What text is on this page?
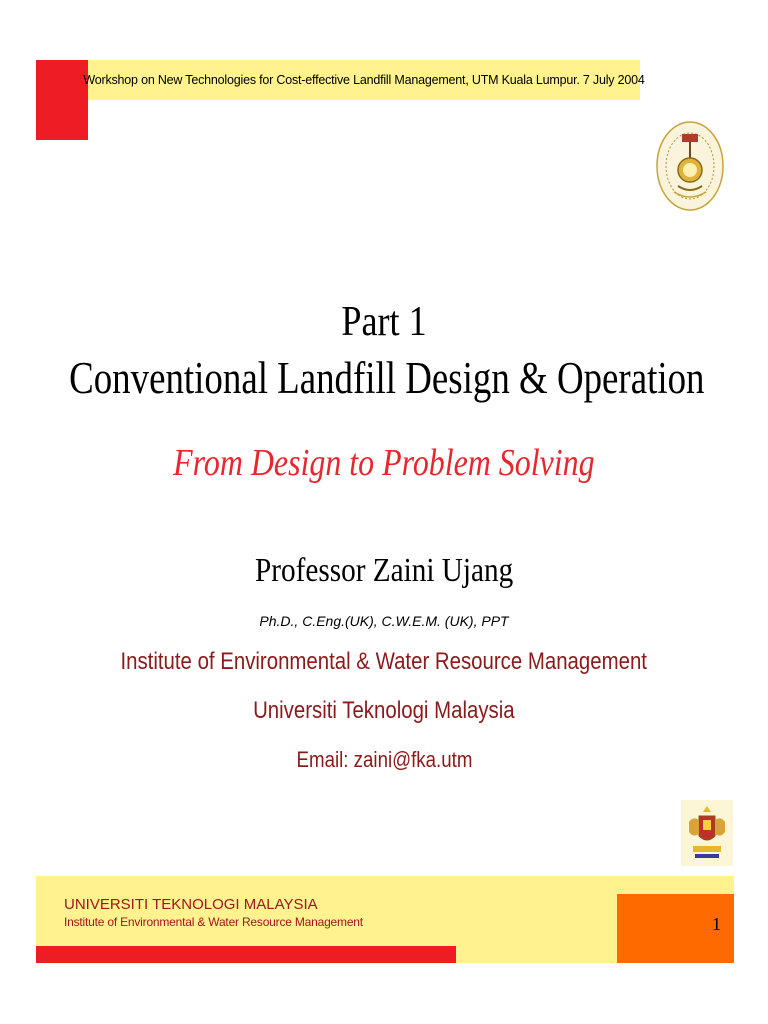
Workshop on New Technologies for Cost-effective Landfill Management, UTM Kuala Lumpur. 7 July 2004
Part 1
Conventional Landfill Design & Operation
From Design to Problem Solving
Professor Zaini Ujang
Ph.D., C.Eng.(UK), C.W.E.M. (UK), PPT
Institute of Environmental & Water Resource Management
Universiti Teknologi Malaysia
Email: zaini@fka.utm
UNIVERSITI TEKNOLOGI MALAYSIA
Institute of Environmental & Water Resource Management	1
